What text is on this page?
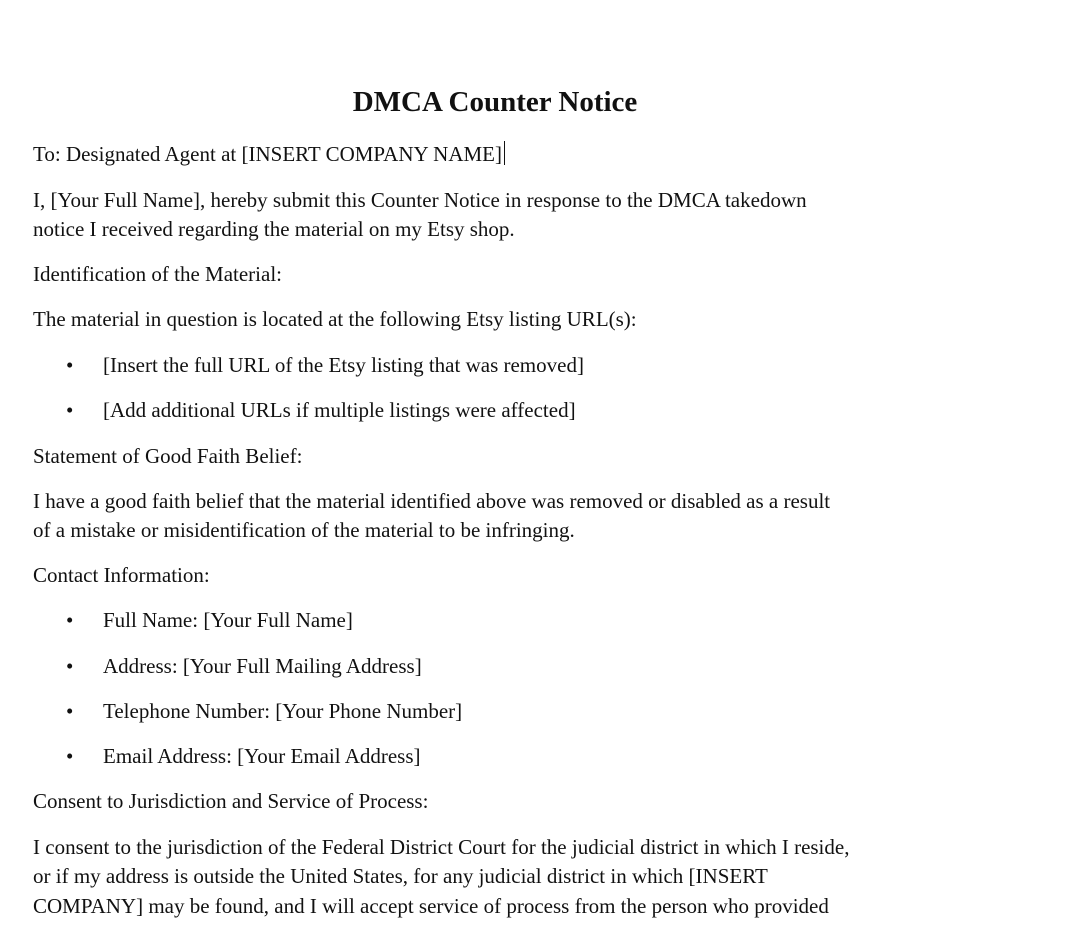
DMCA Counter Notice

To: Designated Agent at [INSERT COMPANY NAME]

I, [Your Full Name], hereby submit this Counter Notice in response to the DMCA takedown

notice I received regarding the material on my Etsy shop.

Identification of the Material:

The material in question is located at the following Etsy listing URL(s):

• [Insert the full URL of the Etsy listing that was removed]
• [Add additional URLs if multiple listings were affected]

Statement of Good Faith Belief:

I have a good faith belief that the material identified above was removed or disabled as a result

of a mistake or misidentification of the material to be infringing.

Contact Information:

• Full Name: [Your Full Name]
• Address: [Your Full Mailing Address]
• Telephone Number: [Your Phone Number]
• Email Address: [Your Email Address]

Consent to Jurisdiction and Service of Process:

I consent to the jurisdiction of the Federal District Court for the judicial district in which I reside,

or if my address is outside the United States, for any judicial district in which [INSERT

COMPANY] may be found, and I will accept service of process from the person who provided
